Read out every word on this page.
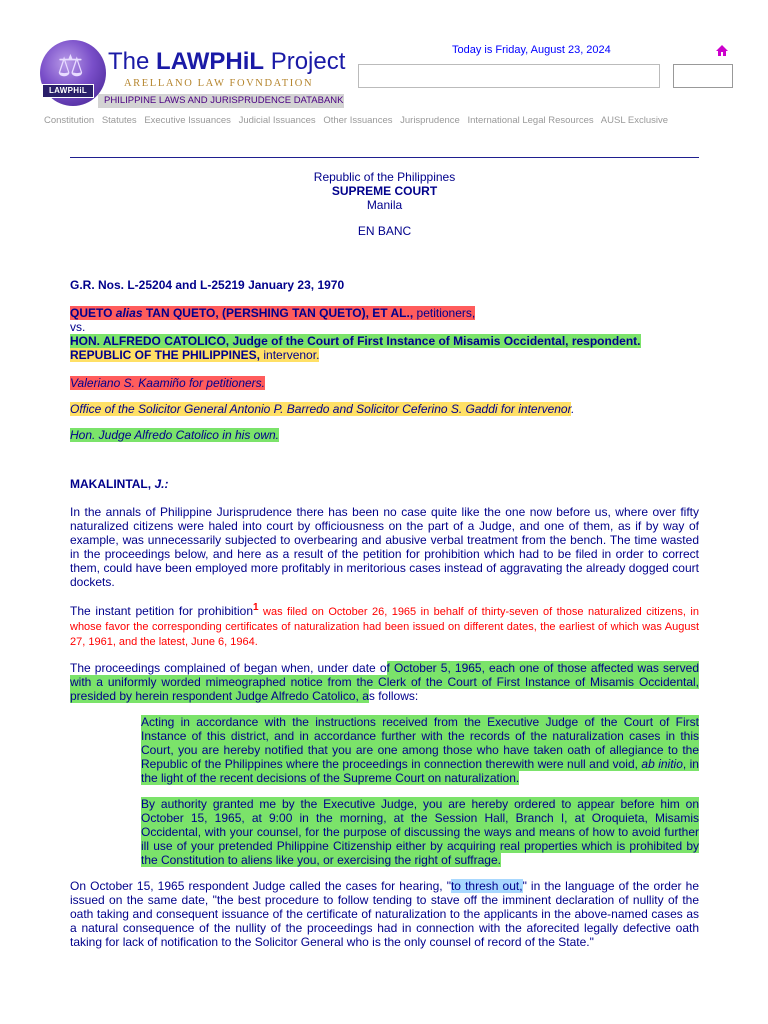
⚖
LAWPHiL
The LAWPHiL Project
ARELLANO LAW FOVNDATION
PHILIPPINE LAWS AND JURISPRUDENCE DATABANK
Today is Friday, August 23, 2024
Constitution Statutes Executive Issuances Judicial Issuances Other Issuances Jurisprudence International Legal Resources AUSL Exclusive
Republic of the Philippines
SUPREME COURT
Manila
EN BANC
G.R. Nos. L-25204 and L-25219 January 23, 1970
QUETO alias TAN QUETO, (PERSHING TAN QUETO), ET AL., petitioners,
vs.
HON. ALFREDO CATOLICO, Judge of the Court of First Instance of Misamis Occidental, respondent.
REPUBLIC OF THE PHILIPPINES, intervenor.
Valeriano S. Kaamiño for petitioners.
Office of the Solicitor General Antonio P. Barredo and Solicitor Ceferino S. Gaddi for intervenor.
Hon. Judge Alfredo Catolico in his own.
MAKALINTAL, J.:

In the annals of Philippine Jurisprudence there has been no case quite like the one now before us, where over fifty naturalized citizens were haled into court by officiousness on the part of a Judge, and one of them, as if by way of example, was unnecessarily subjected to overbearing and abusive verbal treatment from the bench. The time wasted in the proceedings below, and here as a result of the petition for prohibition which had to be filed in order to correct them, could have been employed more profitably in meritorious cases instead of aggravating the already dogged court dockets.

The instant petition for prohibition$^1$ was filed on October 26, 1965 in behalf of thirty-seven of those naturalized citizens, in whose favor the corresponding certificates of naturalization had been issued on different dates, the earliest of which was August 27, 1961, and the latest, June 6, 1964.

The proceedings complained of began when, under date of October 5, 1965, each one of those affected was served with a uniformly worded mimeographed notice from the Clerk of the Court of First Instance of Misamis Occidental, presided by herein respondent Judge Alfredo Catolico, as follows:

Acting in accordance with the instructions received from the Executive Judge of the Court of First Instance of this district, and in accordance further with the records of the naturalization cases in this Court, you are hereby notified that you are one among those who have taken oath of allegiance to the Republic of the Philippines where the proceedings in connection therewith were null and void, ab initio, in the light of the recent decisions of the Supreme Court on naturalization.

By authority granted me by the Executive Judge, you are hereby ordered to appear before him on October 15, 1965, at 9:00 in the morning, at the Session Hall, Branch I, at Oroquieta, Misamis Occidental, with your counsel, for the purpose of discussing the ways and means of how to avoid further ill use of your pretended Philippine Citizenship either by acquiring real properties which is prohibited by the Constitution to aliens like you, or exercising the right of suffrage.

On October 15, 1965 respondent Judge called the cases for hearing, "to thresh out," in the language of the order he issued on the same date, "the best procedure to follow tending to stave off the imminent declaration of nullity of the oath taking and consequent issuance of the certificate of naturalization to the applicants in the above-named cases as a natural consequence of the nullity of the proceedings had in connection with the aforecited legally defective oath taking for lack of notification to the Solicitor General who is the only counsel of record of the State."
